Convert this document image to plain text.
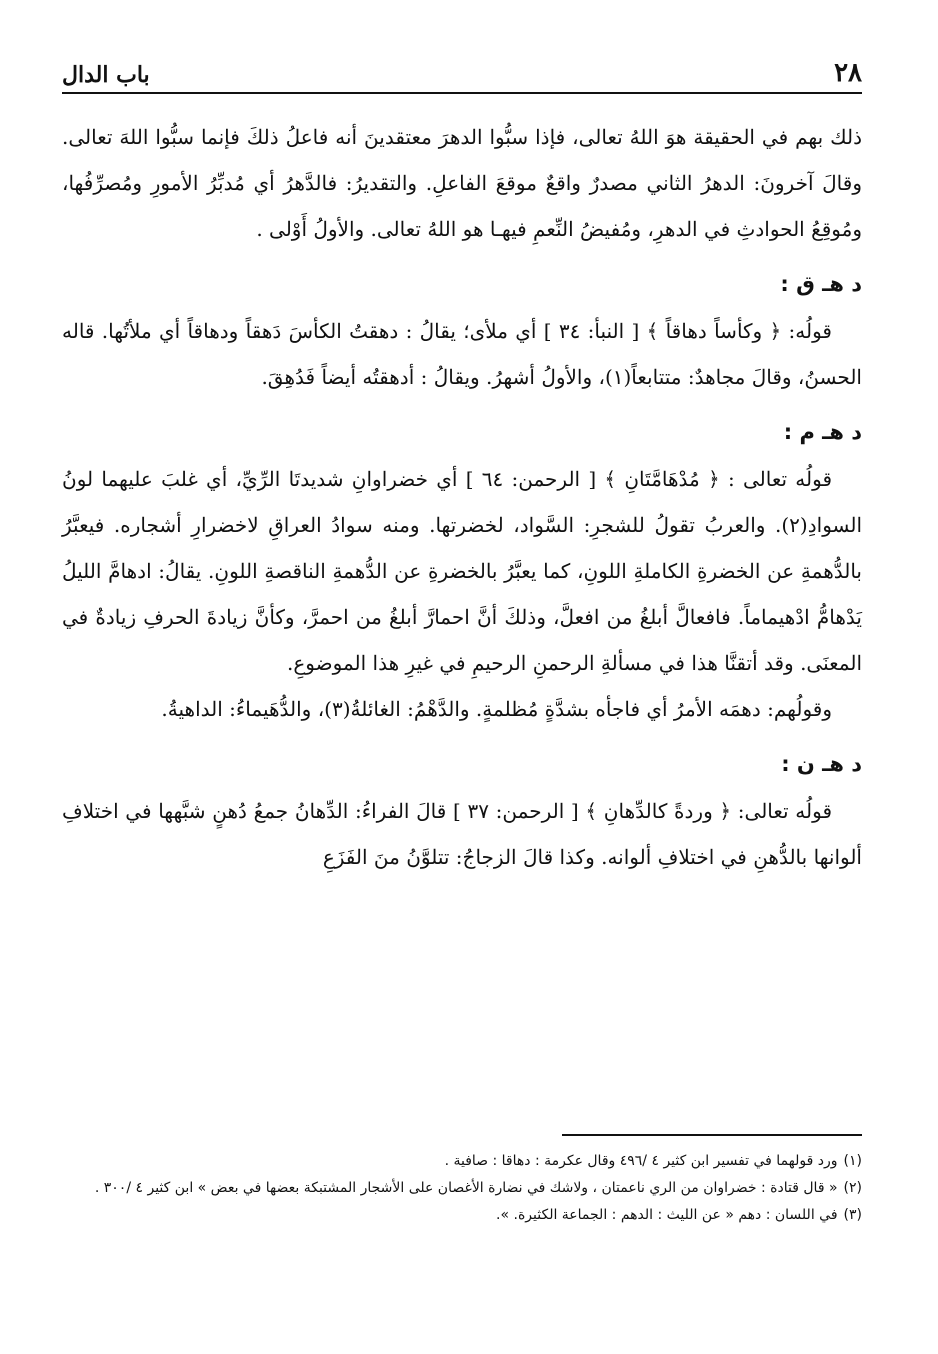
٢٨
باب الدال

ذلك بهم في الحقيقة هوَ اللهُ تعالى، فإذا سبُّوا الدهرَ معتقدينَ أنه فاعلُ ذلكَ فإنما سبُّوا اللهَ تعالى. وقالَ آخرونَ: الدهرُ الثاني مصدرٌ واقعٌ موقعَ الفاعلِ. والتقديرُ: فالدَّهرُ أي مُدبِّرُ الأمورِ ومُصرِّفُها، ومُوقِعُ الحوادثِ في الدهرِ، ومُفيضُ النِّعمِ فيهـا هو اللهُ تعالى. والأولُ أَوْلى .

د هـ ق :

قولُه: ﴿ وكأساً دهاقاً ﴾ [ النبأ: ٣٤ ] أي ملأى؛ يقالُ : دهقتُ الكأسَ دَهقاً ودهاقاً أي ملأتُها. قاله الحسنُ، وقالَ مجاهدٌ: متتابعاً(١)، والأولُ أشهرُ. ويقالُ : أدهقتُه أيضاً فَدُهِقَ.

د هـ م :

قولُه تعالى : ﴿ مُدْهَامَّتَانِ ﴾ [ الرحمن: ٦٤ ] أي خضراوانِ شديدتَا الرِّيِّ، أي غلبَ عليهما لونُ السوادِ(٢). والعربُ تقولُ للشجرِ: السَّواد، لخضرتها. ومنه سوادُ العراقِ لاخضرارِ أشجاره. فيعبَّرُ بالدُّهمةِ عن الخضرةِ الكاملةِ اللونِ، كما يعبَّرُ بالخضرةِ عن الدُّهمةِ الناقصةِ اللونِ. يقالُ: ادهامَّ الليلُ يَدْهامُّ ادْهيماماً. فافعالَّ أبلغُ من افعلَّ، وذلكَ أنَّ احمارَّ أبلغُ من احمرَّ، وكأنَّ زيادةَ الحرفِ زيادةٌ في المعنَى. وقد أتقنَّا هذا في مسألةِ الرحمنِ الرحيمِ في غيرِ هذا الموضوعِ.

وقولُهم: دهمَه الأمرُ أي فاجأه بشدَّةٍ مُظلمةٍ. والدَّهْمُ: الغائلةُ(٣)، والدُّهَيماءُ: الداهيةُ.

د هـ ن :

قولُه تعالى: ﴿ وردةً كالدِّهانِ ﴾ [ الرحمن: ٣٧ ] قالَ الفراءُ: الدِّهانُ جمعُ دُهنٍ شبَّهها في اختلافِ ألوانها بالدُّهنِ في اختلافِ ألوانه. وكذا قالَ الزجاجُ: تتلوَّنُ منَ الفَزَعِ

(١)ورد قولهما في تفسير ابن كثير ٤ /٤٩٦ وقال عكرمة : دهاقا : صافية .

(٢)« قال قتادة : خضراوان من الري ناعمتان ، ولاشك في نضارة الأغصان على الأشجار المشتبكة بعضها في بعض » ابن كثير ٤ /٣٠٠ .

(٣)في اللسان : دهم « عن الليث : الدهم : الجماعة الكثيرة. ».
